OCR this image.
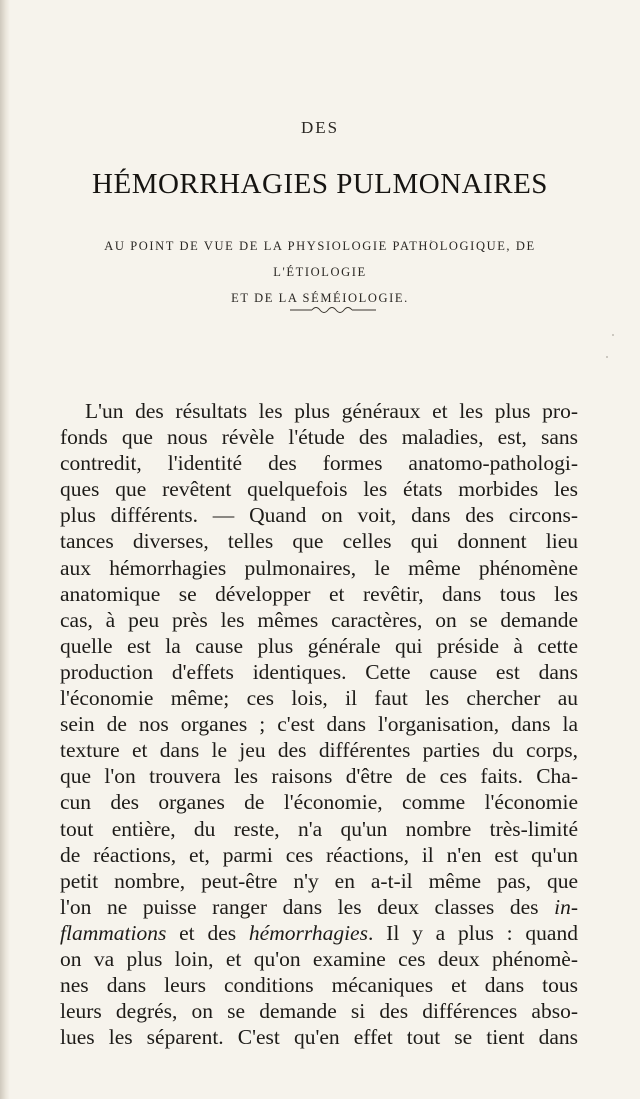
DES
HÉMORRHAGIES PULMONAIRES
AU POINT DE VUE DE LA PHYSIOLOGIE PATHOLOGIQUE, DE L'ÉTIOLOGIE
ET DE LA SÉMÉIOLOGIE.
L'un des résultats les plus généraux et les plus pro-
fonds que nous révèle l'étude des maladies, est, sans
contredit, l'identité des formes anatomo-pathologi-
ques que revêtent quelquefois les états morbides les
plus différents. — Quand on voit, dans des circons-
tances diverses, telles que celles qui donnent lieu
aux hémorrhagies pulmonaires, le même phénomène
anatomique se développer et revêtir, dans tous les
cas, à peu près les mêmes caractères, on se demande
quelle est la cause plus générale qui préside à cette
production d'effets identiques. Cette cause est dans
l'économie même; ces lois, il faut les chercher au
sein de nos organes ; c'est dans l'organisation, dans la
texture et dans le jeu des différentes parties du corps,
que l'on trouvera les raisons d'être de ces faits. Cha-
cun des organes de l'économie, comme l'économie
tout entière, du reste, n'a qu'un nombre très-limité
de réactions, et, parmi ces réactions, il n'en est qu'un
petit nombre, peut-être n'y en a-t-il même pas, que
l'on ne puisse ranger dans les deux classes des in-
flammations et des hémorrhagies. Il y a plus : quand
on va plus loin, et qu'on examine ces deux phénomè-
nes dans leurs conditions mécaniques et dans tous
leurs degrés, on se demande si des différences abso-
lues les séparent. C'est qu'en effet tout se tient dans
